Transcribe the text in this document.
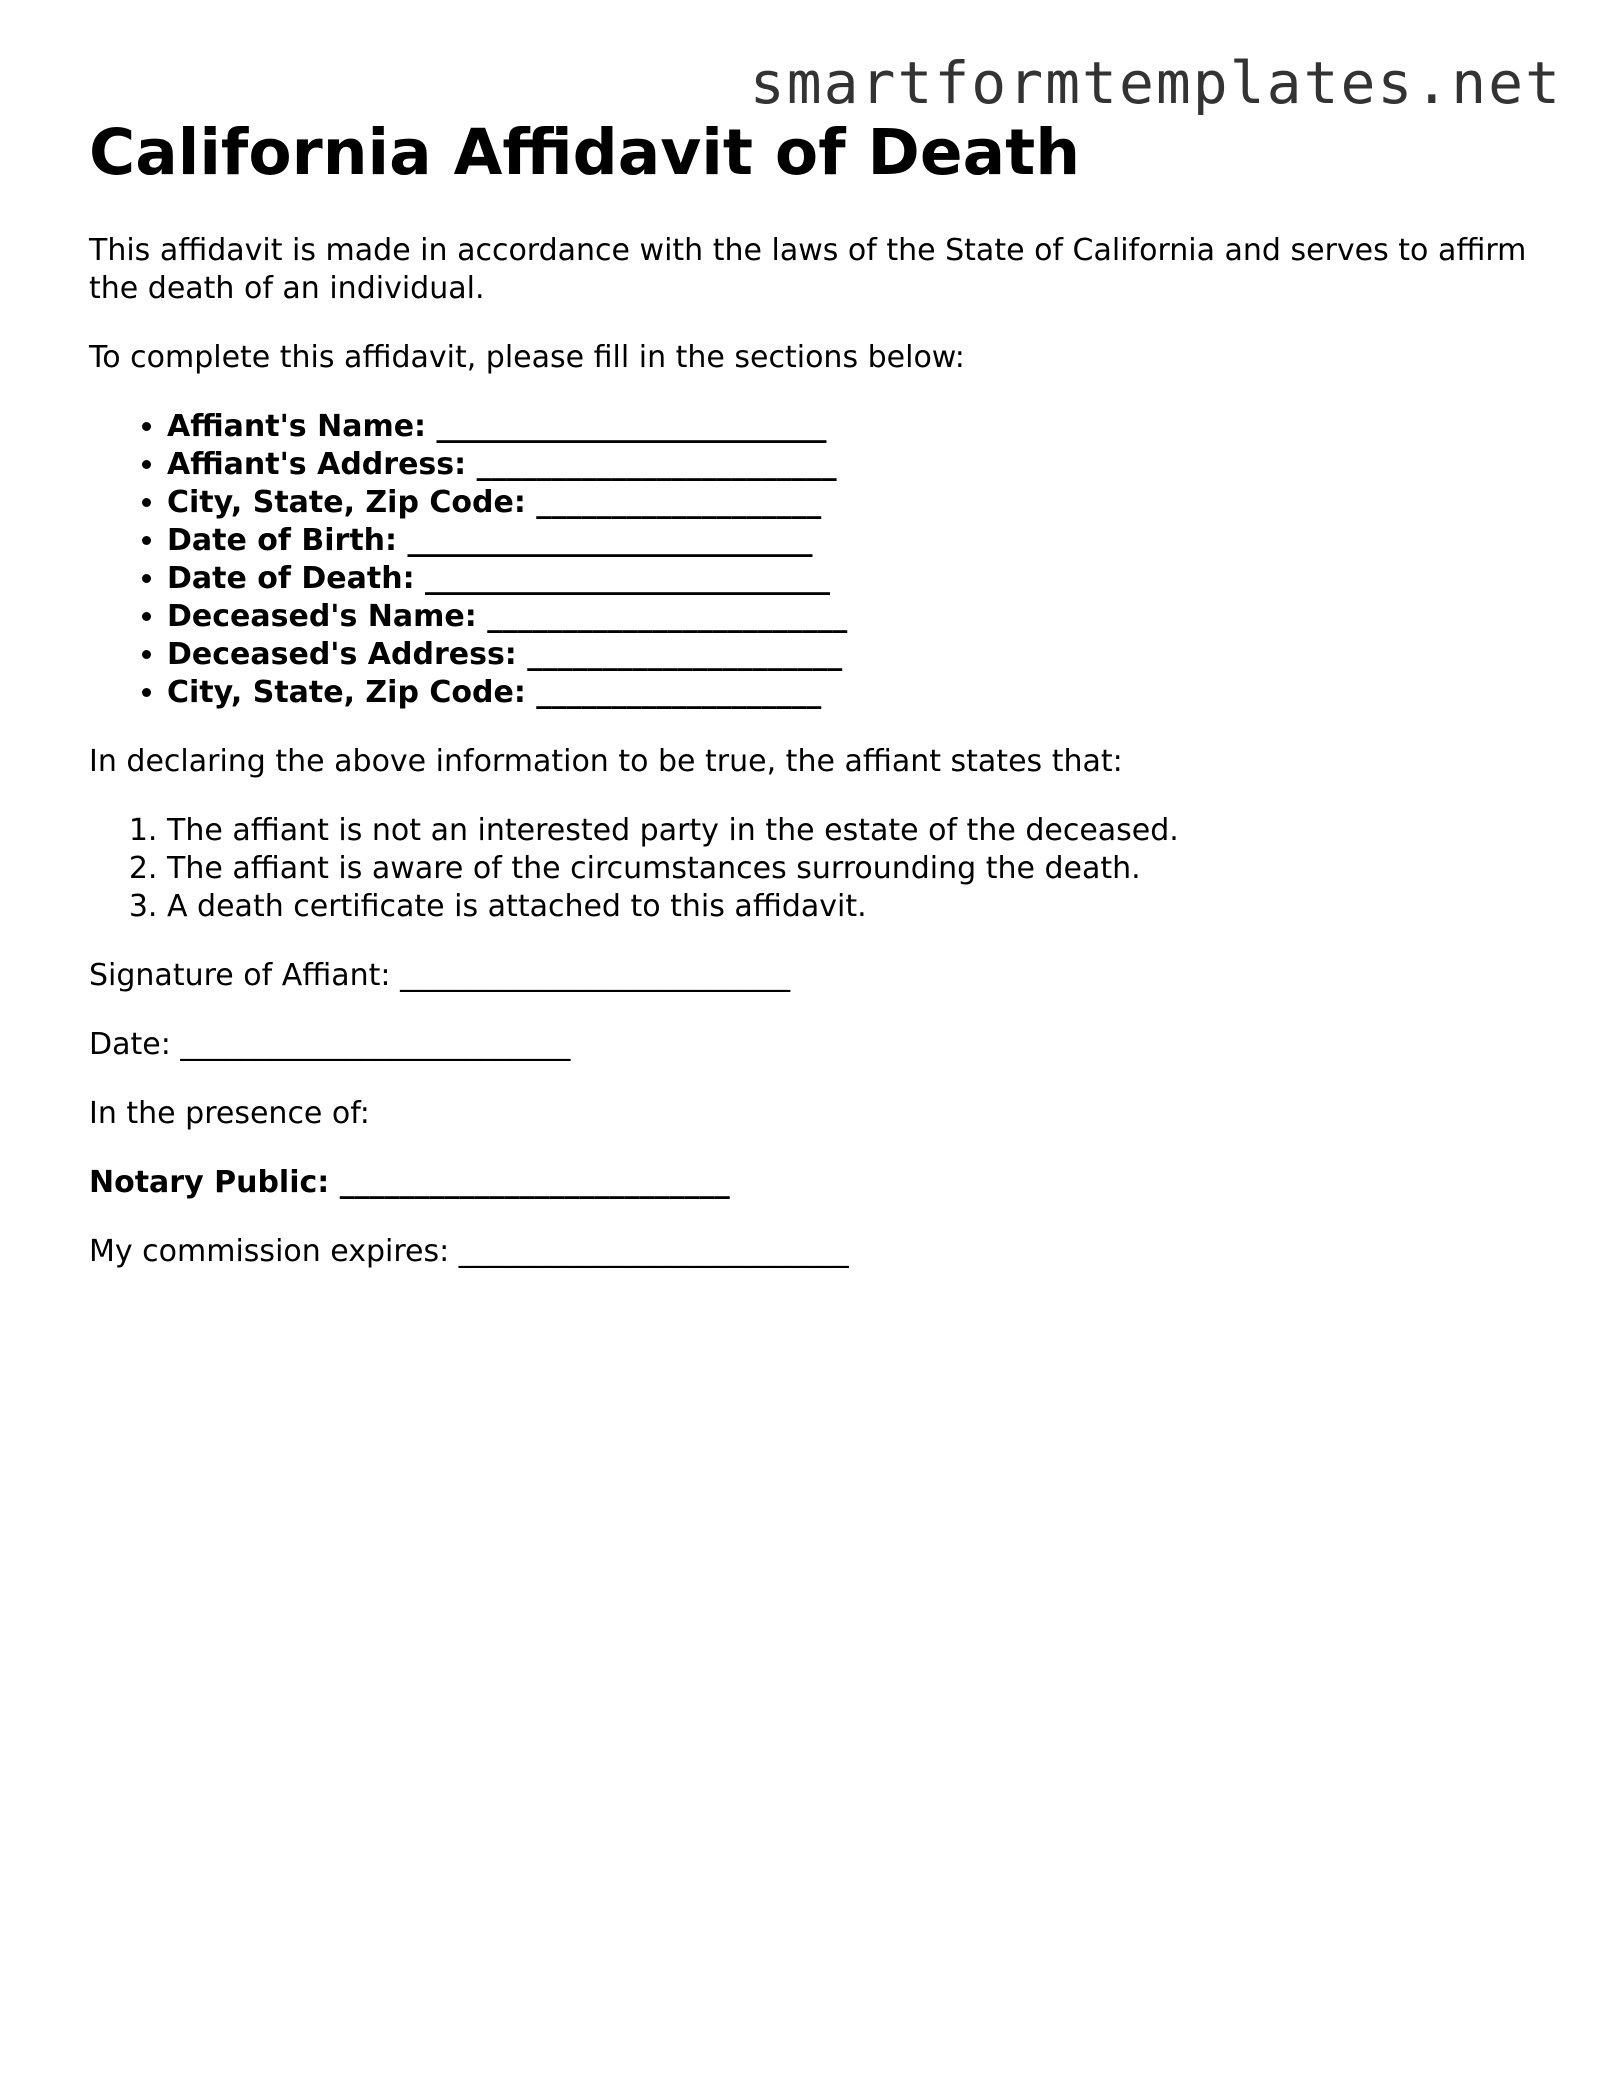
smartformtemplates.net
California Affidavit of Death

This affidavit is made in accordance with the laws of the State of California and serves to affirm the death of an individual.

To complete this affidavit, please fill in the sections below:

• Affiant's Name: __________________________
• Affiant's Address: ________________________
• City, State, Zip Code: ___________________
• Date of Birth: ___________________________
• Date of Death: ___________________________
• Deceased's Name: ________________________
• Deceased's Address: _____________________
• City, State, Zip Code: ___________________

In declaring the above information to be true, the affiant states that:

1. The affiant is not an interested party in the estate of the deceased.
2. The affiant is aware of the circumstances surrounding the death.
3. A death certificate is attached to this affidavit.

Signature of Affiant: __________________________

Date: __________________________

In the presence of:

Notary Public: __________________________

My commission expires: __________________________
